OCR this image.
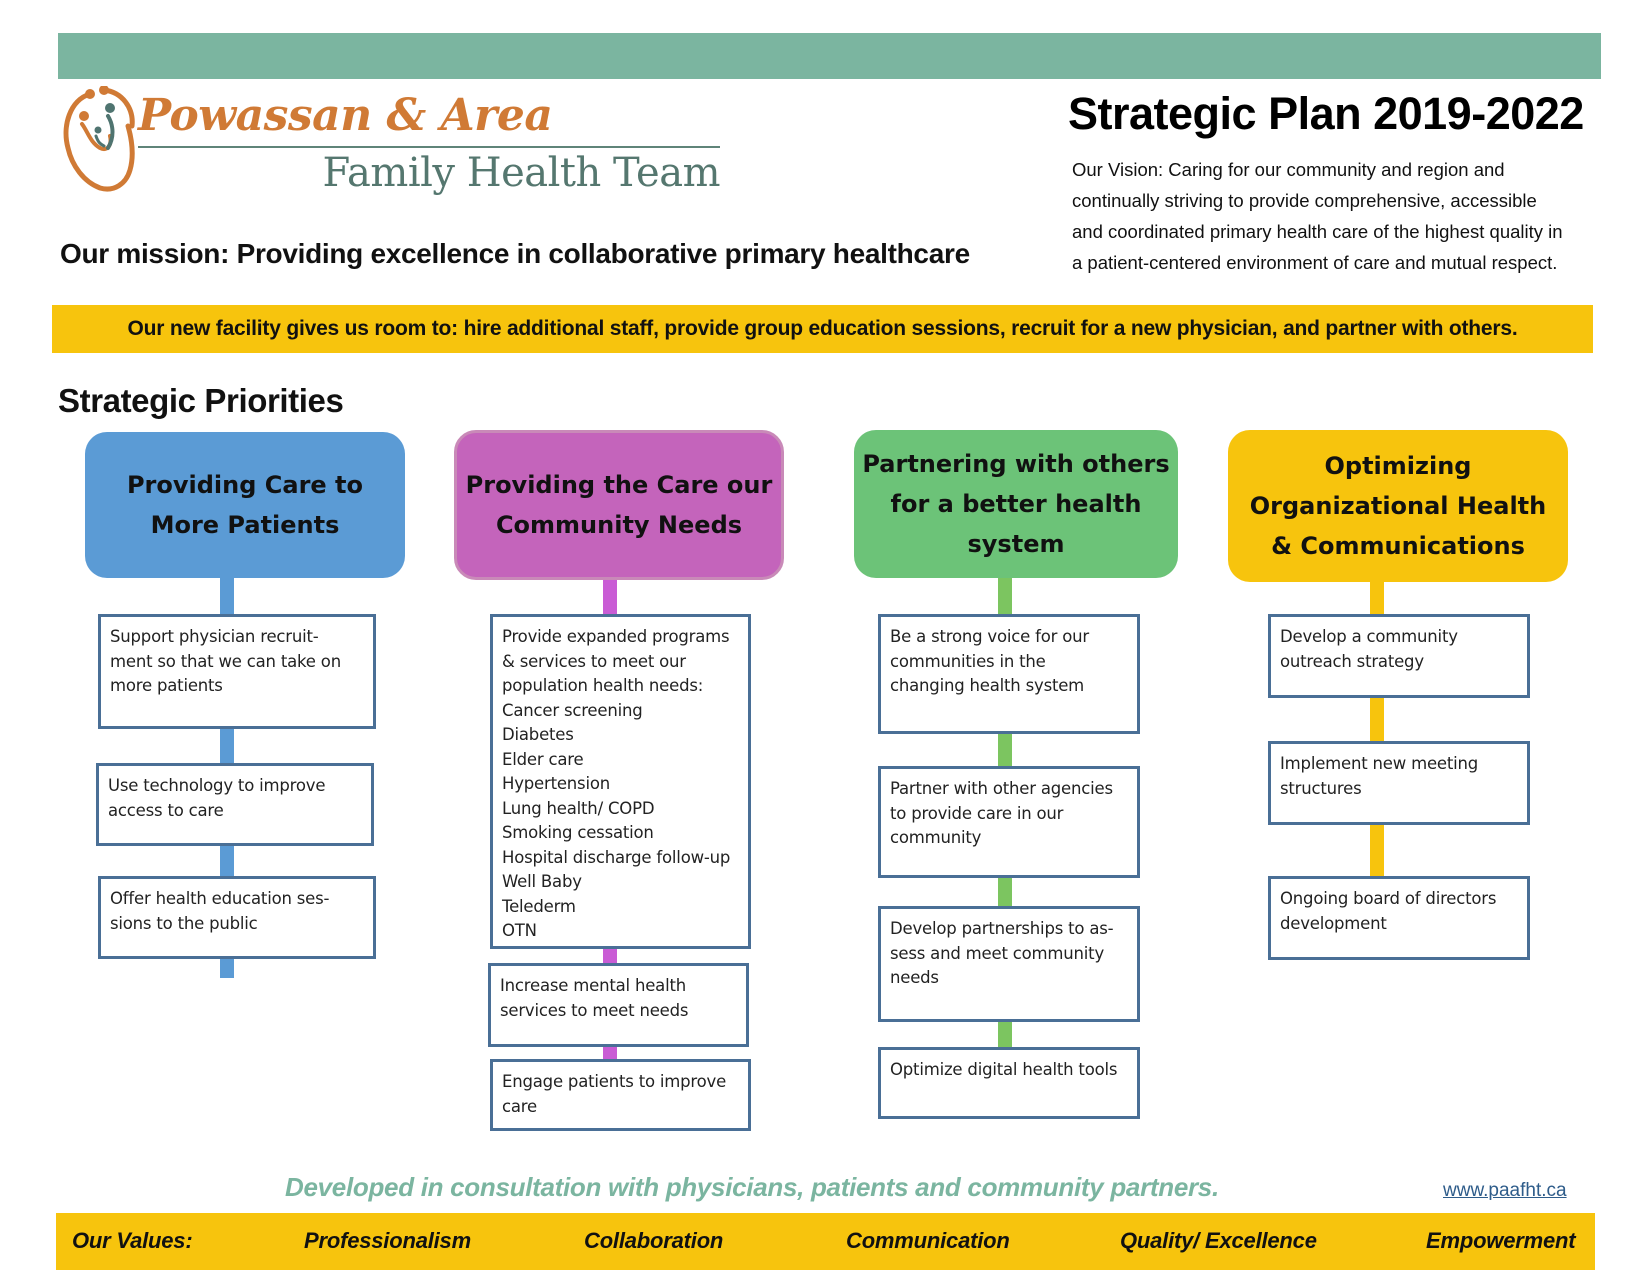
Powassan & Area
Family Health Team
Our mission: Providing excellence in collaborative primary healthcare
Strategic Plan 2019-2022
Our Vision: Caring for our community and region and
continually striving to provide comprehensive, accessible
and coordinated primary health care of the highest quality in
a patient-centered environment of care and mutual respect.
Our new facility gives us room to: hire additional staff, provide group education sessions, recruit for a new physician, and partner with others.
Strategic Priorities
Providing Care to
More Patients
Support physician recruit-
ment so that we can take on
more patients
Use technology to improve
access to care
Offer health education ses-
sions to the public
Providing the Care our
Community Needs
Provide expanded programs
& services to meet our
population health needs:
Cancer screening
Diabetes
Elder care
Hypertension
Lung health/ COPD
Smoking cessation
Hospital discharge follow-up
Well Baby
Telederm
OTN
Increase mental health
services to meet needs
Engage patients to improve
care
Partnering with others
for a better health
system
Be a strong voice for our
communities in the
changing health system
Partner with other agencies
to provide care in our
community
Develop partnerships to as-
sess and meet community
needs
Optimize digital health tools
Optimizing
Organizational Health
& Communications
Develop a community
outreach strategy
Implement new meeting
structures
Ongoing board of directors
development
Developed in consultation with physicians, patients and community partners.	www.paafht.ca
Our Values:	Professionalism	Collaboration	Communication	Quality/ Excellence	Empowerment
